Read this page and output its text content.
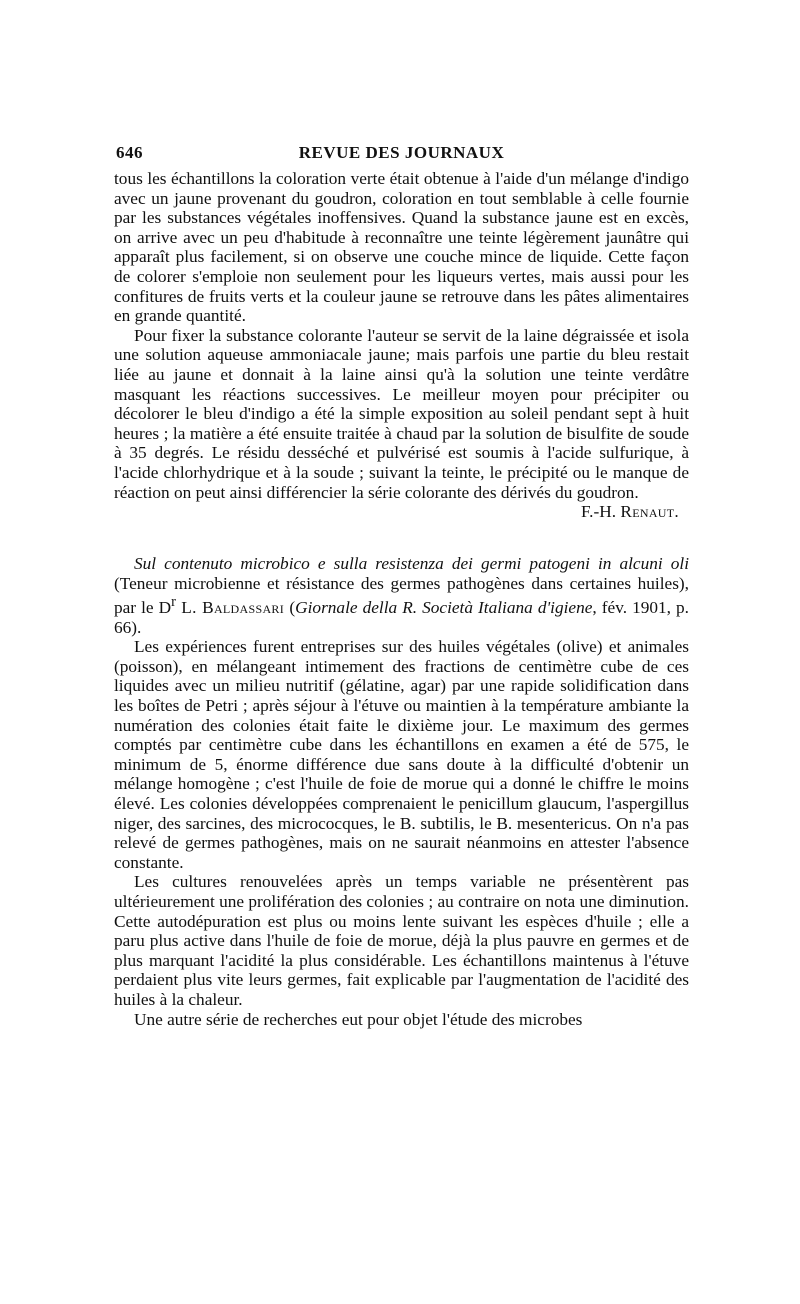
646	REVUE DES JOURNAUX

tous les échantillons la coloration verte était obtenue à l'aide d'un mélange d'indigo avec un jaune provenant du goudron, coloration en tout semblable à celle fournie par les substances végétales inoffensives. Quand la substance jaune est en excès, on arrive avec un peu d'habitude à reconnaître une teinte légèrement jaunâtre qui apparaît plus facilement, si on observe une couche mince de liquide. Cette façon de colorer s'emploie non seulement pour les liqueurs vertes, mais aussi pour les confitures de fruits verts et la couleur jaune se retrouve dans les pâtes alimentaires en grande quantité.

Pour fixer la substance colorante l'auteur se servit de la laine dégraissée et isola une solution aqueuse ammoniacale jaune; mais parfois une partie du bleu restait liée au jaune et donnait à la laine ainsi qu'à la solution une teinte verdâtre masquant les réactions successives. Le meilleur moyen pour précipiter ou décolorer le bleu d'indigo a été la simple exposition au soleil pendant sept à huit heures ; la matière a été ensuite traitée à chaud par la solution de bisulfite de soude à 35 degrés. Le résidu desséché et pulvérisé est soumis à l'acide sulfurique, à l'acide chlorhydrique et à la soude ; suivant la teinte, le précipité ou le manque de réaction on peut ainsi différencier la série colorante des dérivés du goudron.

F.-H. Renaut.

Sul contenuto microbico e sulla resistenza dei germi patogeni in alcuni oli (Teneur microbienne et résistance des germes pathogènes dans certaines huiles), par le $D^r$ L. Baldassari (Giornale della R. Società Italiana d'igiene, fév. 1901, p. 66).

Les expériences furent entreprises sur des huiles végétales (olive) et animales (poisson), en mélangeant intimement des fractions de centimètre cube de ces liquides avec un milieu nutritif (gélatine, agar) par une rapide solidification dans les boîtes de Petri ; après séjour à l'étuve ou maintien à la température ambiante la numération des colonies était faite le dixième jour. Le maximum des germes comptés par centimètre cube dans les échantillons en examen a été de 575, le minimum de 5, énorme différence due sans doute à la difficulté d'obtenir un mélange homogène ; c'est l'huile de foie de morue qui a donné le chiffre le moins élevé. Les colonies développées comprenaient le penicillum glaucum, l'aspergillus niger, des sarcines, des micrococques, le B. subtilis, le B. mesentericus. On n'a pas relevé de germes pathogènes, mais on ne saurait néanmoins en attester l'absence constante.

Les cultures renouvelées après un temps variable ne présentèrent pas ultérieurement une prolifération des colonies ; au contraire on nota une diminution. Cette autodépuration est plus ou moins lente suivant les espèces d'huile ; elle a paru plus active dans l'huile de foie de morue, déjà la plus pauvre en germes et de plus marquant l'acidité la plus considérable. Les échantillons maintenus à l'étuve perdaient plus vite leurs germes, fait explicable par l'augmentation de l'acidité des huiles à la chaleur.

Une autre série de recherches eut pour objet l'étude des microbes
